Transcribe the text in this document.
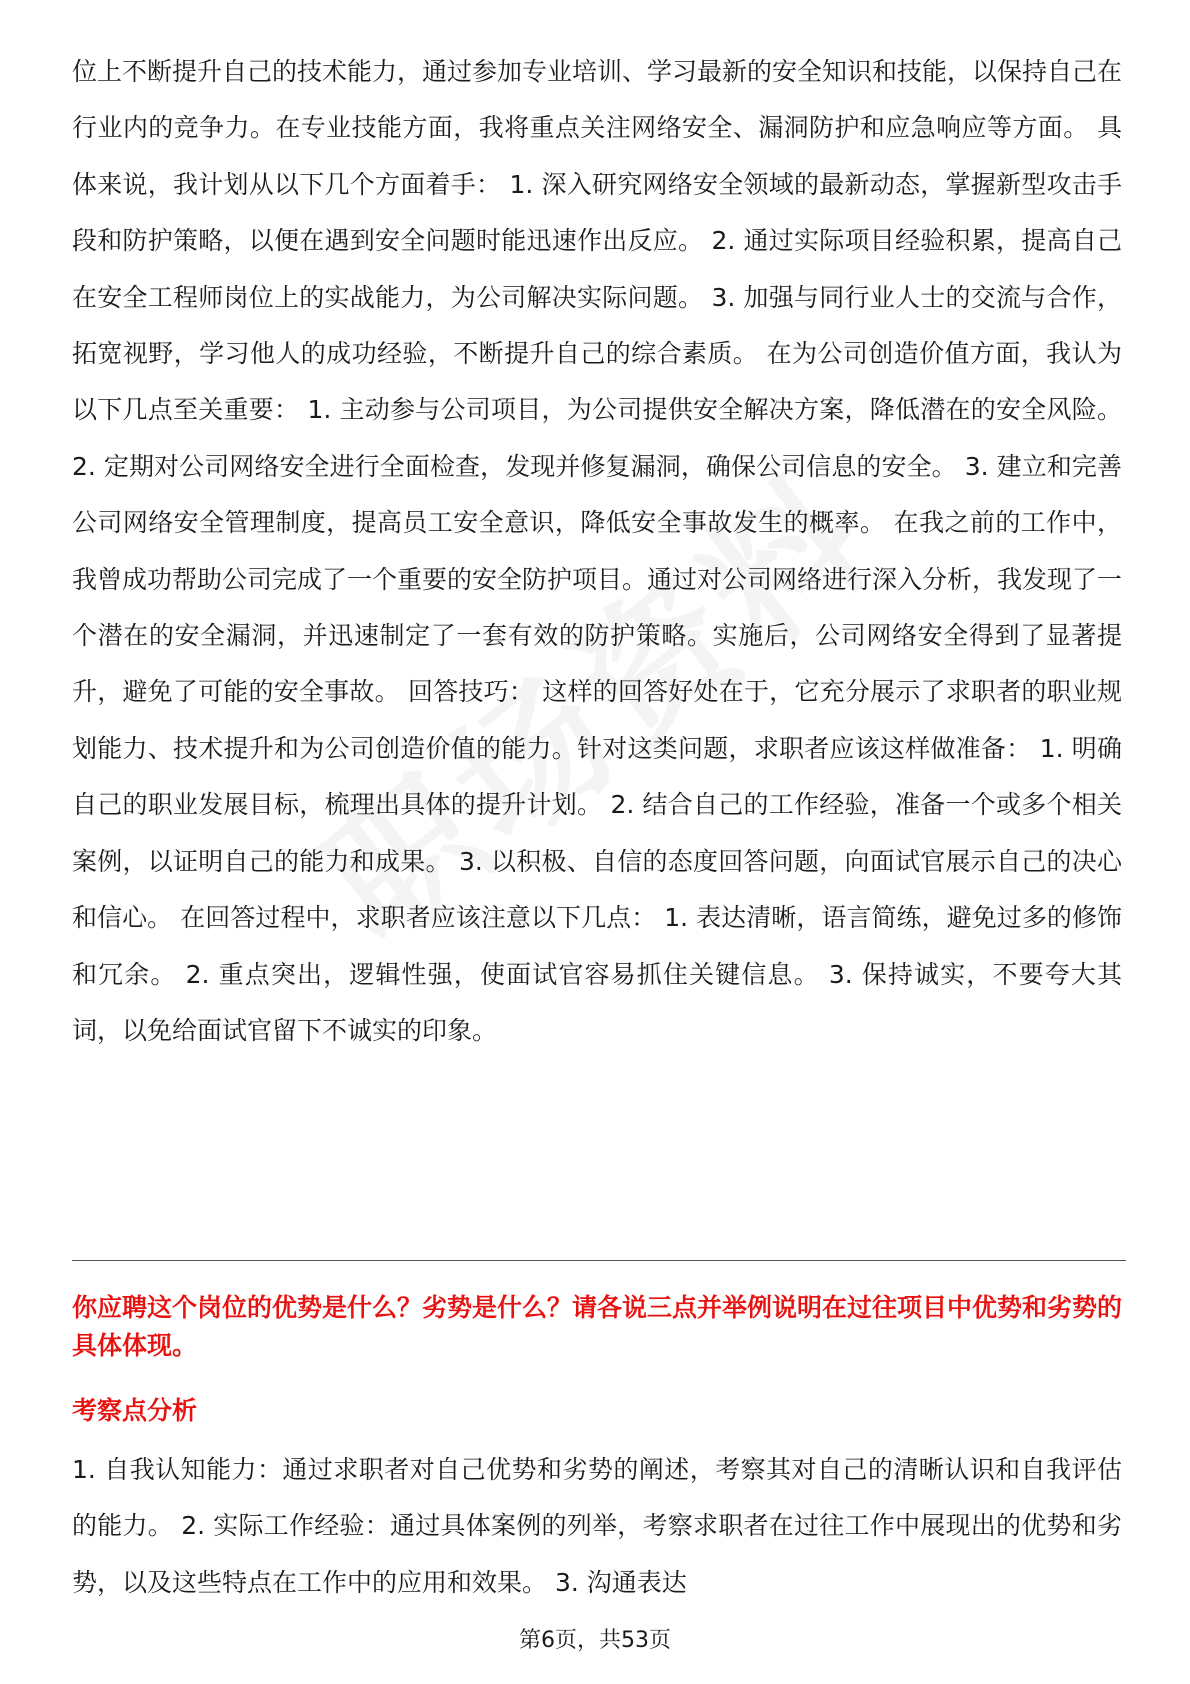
位上不断提升自己的技术能力，通过参加专业培训、学习最新的安全知识和技能，以保持自己在行业内的竞争力。在专业技能方面，我将重点关注网络安全、漏洞防护和应急响应等方面。 具体来说，我计划从以下几个方面着手： 1. 深入研究网络安全领域的最新动态，掌握新型攻击手段和防护策略，以便在遇到安全问题时能迅速作出反应。 2. 通过实际项目经验积累，提高自己在安全工程师岗位上的实战能力，为公司解决实际问题。 3. 加强与同行业人士的交流与合作，拓宽视野，学习他人的成功经验，不断提升自己的综合素质。 在为公司创造价值方面，我认为以下几点至关重要： 1. 主动参与公司项目，为公司提供安全解决方案，降低潜在的安全风险。 2. 定期对公司网络安全进行全面检查，发现并修复漏洞，确保公司信息的安全。 3. 建立和完善公司网络安全管理制度，提高员工安全意识，降低安全事故发生的概率。 在我之前的工作中，我曾成功帮助公司完成了一个重要的安全防护项目。通过对公司网络进行深入分析，我发现了一个潜在的安全漏洞，并迅速制定了一套有效的防护策略。实施后，公司网络安全得到了显著提升，避免了可能的安全事故。 回答技巧： 这样的回答好处在于，它充分展示了求职者的职业规划能力、技术提升和为公司创造价值的能力。针对这类问题，求职者应该这样做准备： 1. 明确自己的职业发展目标，梳理出具体的提升计划。 2. 结合自己的工作经验，准备一个或多个相关案例，以证明自己的能力和成果。 3. 以积极、自信的态度回答问题，向面试官展示自己的决心和信心。 在回答过程中，求职者应该注意以下几点： 1. 表达清晰，语言简练，避免过多的修饰和冗余。 2. 重点突出，逻辑性强，使面试官容易抓住关键信息。 3. 保持诚实，不要夸大其词，以免给面试官留下不诚实的印象。

你应聘这个岗位的优势是什么？劣势是什么？请各说三点并举例说明在过往项目中优势和劣势的具体体现。

考察点分析

1. 自我认知能力：通过求职者对自己优势和劣势的阐述，考察其对自己的清晰认识和自我评估的能力。 2. 实际工作经验：通过具体案例的列举，考察求职者在过往工作中展现出的优势和劣势，以及这些特点在工作中的应用和效果。 3. 沟通表达

第6页，共53页
